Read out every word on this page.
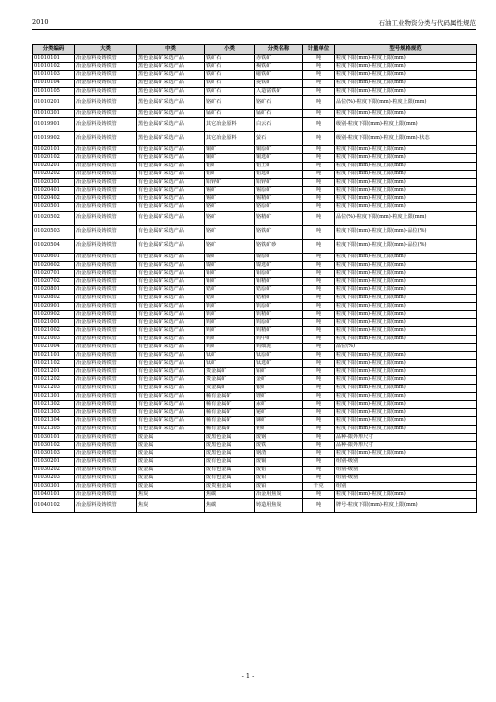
2010	石油工业物资分类与代码属性规范
分类编码	大类	中类	小类	分类名称	计量单位	型号规格规范
01010101	冶金原料及铸铁管	黑色金属矿采选产品	铁矿石	赤铁矿	吨	粒度下限(mm)-粒度上限(mm)
01010102	冶金原料及铸铁管	黑色金属矿采选产品	铁矿石	褐铁矿	吨	粒度下限(mm)-粒度上限(mm)
01010103	冶金原料及铸铁管	黑色金属矿采选产品	铁矿石	磁铁矿	吨	粒度下限(mm)-粒度上限(mm)
01010104	冶金原料及铸铁管	黑色金属矿采选产品	铁矿石	菱铁矿	吨	粒度下限(mm)-粒度上限(mm)
01010105	冶金原料及铸铁管	黑色金属矿采选产品	铁矿石	人造富铁矿	吨	粒度下限(mm)-粒度上限(mm)
01010201	冶金原料及铸铁管	黑色金属矿采选产品	铬矿石	铬矿石	吨	品位(%)-粒度下限(mm)-粒度上限(mm)
01010301	冶金原料及铸铁管	黑色金属矿采选产品	锰矿石	锰矿石	吨	粒度下限(mm)-粒度上限(mm)
01019901	冶金原料及铸铁管	黑色金属矿采选产品	其它冶金原料	白云石	吨	级别-粒度下限(mm)-粒度上限(mm)
01019902	冶金原料及铸铁管	黑色金属矿采选产品	其它冶金原料	萤石	吨	级别-粒度下限(mm)-粒度上限(mm)-状态
01020101	冶金原料及铸铁管	有色金属矿采选产品	铜矿	铜原矿	吨	粒度下限(mm)-粒度上限(mm)
01020102	冶金原料及铸铁管	有色金属矿采选产品	铜矿	铜选矿	吨	粒度下限(mm)-粒度上限(mm)
01020201	冶金原料及铸铁管	有色金属矿采选产品	铝矿	铝土矿	吨	粒度下限(mm)-粒度上限(mm)
01020202	冶金原料及铸铁管	有色金属矿采选产品	铝矿	铝选矿	吨	粒度下限(mm)-粒度上限(mm)
01020301	冶金原料及铸铁管	有色金属矿采选产品	铅锌矿	铅锌矿	吨	粒度下限(mm)-粒度上限(mm)
01020401	冶金原料及铸铁管	有色金属矿采选产品	锡矿	锡原矿	吨	粒度下限(mm)-粒度上限(mm)
01020402	冶金原料及铸铁管	有色金属矿采选产品	锡矿	锡精矿	吨	粒度下限(mm)-粒度上限(mm)
01020501	冶金原料及铸铁管	有色金属矿采选产品	铬矿	铬原矿	吨	粒度下限(mm)-粒度上限(mm)
01020502	冶金原料及铸铁管	有色金属矿采选产品	铬矿	铬精矿	吨	品位(%)-粒度下限(mm)-粒度上限(mm)
01020503	冶金原料及铸铁管	有色金属矿采选产品	铬矿	铬铁矿	吨	粒度下限(mm)-粒度上限(mm)-品位(%)
01020504	冶金原料及铸铁管	有色金属矿采选产品	铬矿	铬铁矿砂	吨	粒度下限(mm)-粒度上限(mm)-品位(%)
01020601	冶金原料及铸铁管	有色金属矿采选产品	镍矿	镍原矿	吨	粒度下限(mm)-粒度上限(mm)
01020602	冶金原料及铸铁管	有色金属矿采选产品	镍矿	镍选矿	吨	粒度下限(mm)-粒度上限(mm)
01020701	冶金原料及铸铁管	有色金属矿采选产品	钼矿	钼原矿	吨	粒度下限(mm)-粒度上限(mm)
01020702	冶金原料及铸铁管	有色金属矿采选产品	钼矿	钼精矿	吨	粒度下限(mm)-粒度上限(mm)
01020801	冶金原料及铸铁管	有色金属矿采选产品	锆矿	锆原矿	吨	粒度下限(mm)-粒度上限(mm)
01020802	冶金原料及铸铁管	有色金属矿采选产品	锆矿	锆精矿	吨	粒度下限(mm)-粒度上限(mm)
01020901	冶金原料及铸铁管	有色金属矿采选产品	钒矿	钒原矿	吨	粒度下限(mm)-粒度上限(mm)
01020902	冶金原料及铸铁管	有色金属矿采选产品	钒矿	钒精矿	吨	粒度下限(mm)-粒度上限(mm)
01021001	冶金原料及铸铁管	有色金属矿采选产品	钨矿	钨原矿	吨	粒度下限(mm)-粒度上限(mm)
01021002	冶金原料及铸铁管	有色金属矿采选产品	钨矿	钨精矿	吨	粒度下限(mm)-粒度上限(mm)
01021003	冶金原料及铸铁管	有色金属矿采选产品	钨矿	钨中矿	吨	粒度下限(mm)-粒度上限(mm)
01021004	冶金原料及铸铁管	有色金属矿采选产品	钨矿	钨细泥	吨	品位(%)
01021101	冶金原料及铸铁管	有色金属矿采选产品	钛矿	钛原矿	吨	粒度下限(mm)-粒度上限(mm)
01021102	冶金原料及铸铁管	有色金属矿采选产品	钛矿	钛选矿	吨	粒度下限(mm)-粒度上限(mm)
01021201	冶金原料及铸铁管	有色金属矿采选产品	贵金属矿	铂矿	吨	粒度下限(mm)-粒度上限(mm)
01021202	冶金原料及铸铁管	有色金属矿采选产品	贵金属矿	金矿	吨	粒度下限(mm)-粒度上限(mm)
01021203	冶金原料及铸铁管	有色金属矿采选产品	贵金属矿	银矿	吨	粒度下限(mm)-粒度上限(mm)
01021301	冶金原料及铸铁管	有色金属矿采选产品	稀有金属矿	锂矿	吨	粒度下限(mm)-粒度上限(mm)
01021302	冶金原料及铸铁管	有色金属矿采选产品	稀有金属矿	汞矿	吨	粒度下限(mm)-粒度上限(mm)
01021303	冶金原料及铸铁管	有色金属矿采选产品	稀有金属矿	铋矿	吨	粒度下限(mm)-粒度上限(mm)
01021304	冶金原料及铸铁管	有色金属矿采选产品	稀有金属矿	锑矿	吨	粒度下限(mm)-粒度上限(mm)
01021305	冶金原料及铸铁管	有色金属矿采选产品	稀有金属矿	钽矿	吨	粒度下限(mm)-粒度上限(mm)
01030101	冶金原料及铸铁管	废金属	废黑色金属	废钢	吨	品种-限外形尺寸
01030102	冶金原料及铸铁管	废金属	废黑色金属	废铁	吨	品种-限外形尺寸
01030103	冶金原料及铸铁管	废金属	废黑色金属	钢渣	吨	粒度下限(mm)-粒度上限(mm)
01030201	冶金原料及铸铁管	废金属	废有色金属	废铜	吨	组别-级别
01030202	冶金原料及铸铁管	废金属	废有色金属	废铝	吨	组别-级别
01030203	冶金原料及铸铁管	废金属	废有色金属	废铅	吨	组别-级别
01030301	冶金原料及铸铁管	废金属	废贵重金属	废铂	千克	组别
01040101	冶金原料及铸铁管	焦炭	焦碳	冶金用焦炭	吨	粒度下限(mm)-粒度上限(mm)
01040102	冶金原料及铸铁管	焦炭	焦碳	铸造用焦炭	吨	牌号-粒度下限(mm)-粒度上限(mm)
- 1 -
